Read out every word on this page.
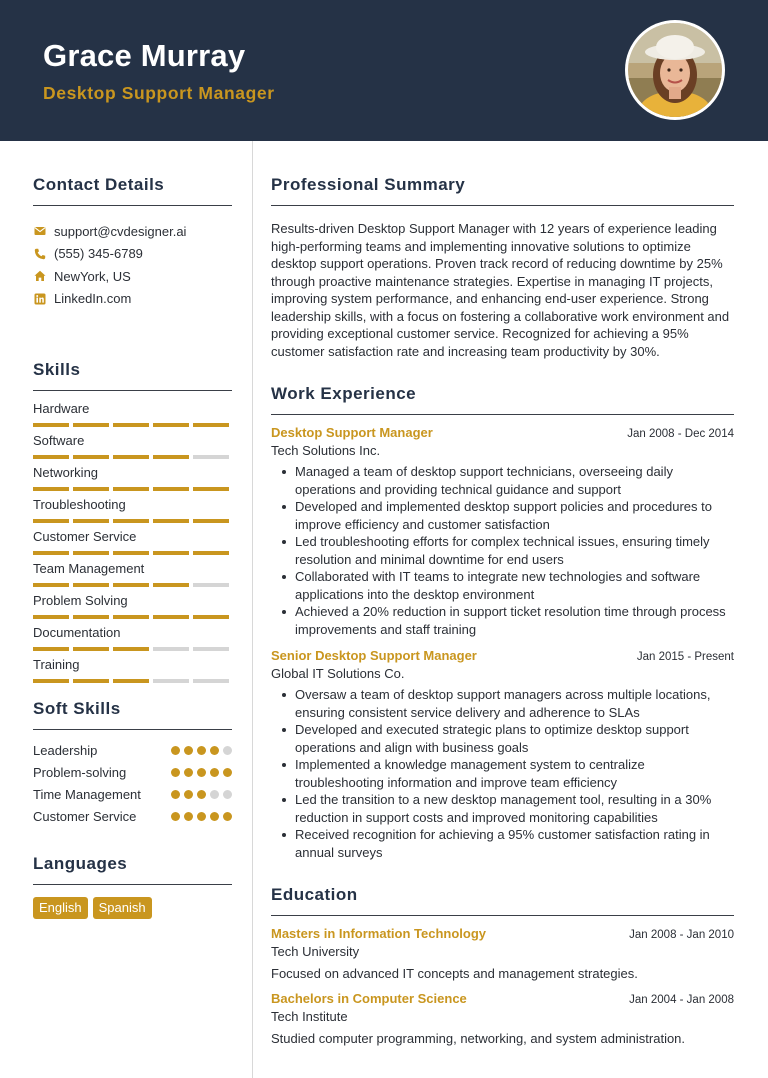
Grace Murray
Desktop Support Manager
Contact Details
support@cvdesigner.ai
(555) 345-6789
NewYork, US
LinkedIn.com
Skills
Hardware
Software
Networking
Troubleshooting
Customer Service
Team Management
Problem Solving
Documentation
Training
Soft Skills
Leadership
Problem-solving
Time Management
Customer Service
Languages
English	Spanish
Professional Summary
Results-driven Desktop Support Manager with 12 years of experience leading high-performing teams and implementing innovative solutions to optimize desktop support operations. Proven track record of reducing downtime by 25% through proactive maintenance strategies. Expertise in managing IT projects, improving system performance, and enhancing end-user experience. Strong leadership skills, with a focus on fostering a collaborative work environment and providing exceptional customer service. Recognized for achieving a 95% customer satisfaction rate and increasing team productivity by 30%.
Work Experience
Desktop Support Manager	Jan 2008 - Dec 2014
Tech Solutions Inc.
Managed a team of desktop support technicians, overseeing daily operations and providing technical guidance and support
Developed and implemented desktop support policies and procedures to improve efficiency and customer satisfaction
Led troubleshooting efforts for complex technical issues, ensuring timely resolution and minimal downtime for end users
Collaborated with IT teams to integrate new technologies and software applications into the desktop environment
Achieved a 20% reduction in support ticket resolution time through process improvements and staff training
Senior Desktop Support Manager	Jan 2015 - Present
Global IT Solutions Co.
Oversaw a team of desktop support managers across multiple locations, ensuring consistent service delivery and adherence to SLAs
Developed and executed strategic plans to optimize desktop support operations and align with business goals
Implemented a knowledge management system to centralize troubleshooting information and improve team efficiency
Led the transition to a new desktop management tool, resulting in a 30% reduction in support costs and improved monitoring capabilities
Received recognition for achieving a 95% customer satisfaction rating in annual surveys
Education
Masters in Information Technology	Jan 2008 - Jan 2010
Tech University
Focused on advanced IT concepts and management strategies.
Bachelors in Computer Science	Jan 2004 - Jan 2008
Tech Institute
Studied computer programming, networking, and system administration.
